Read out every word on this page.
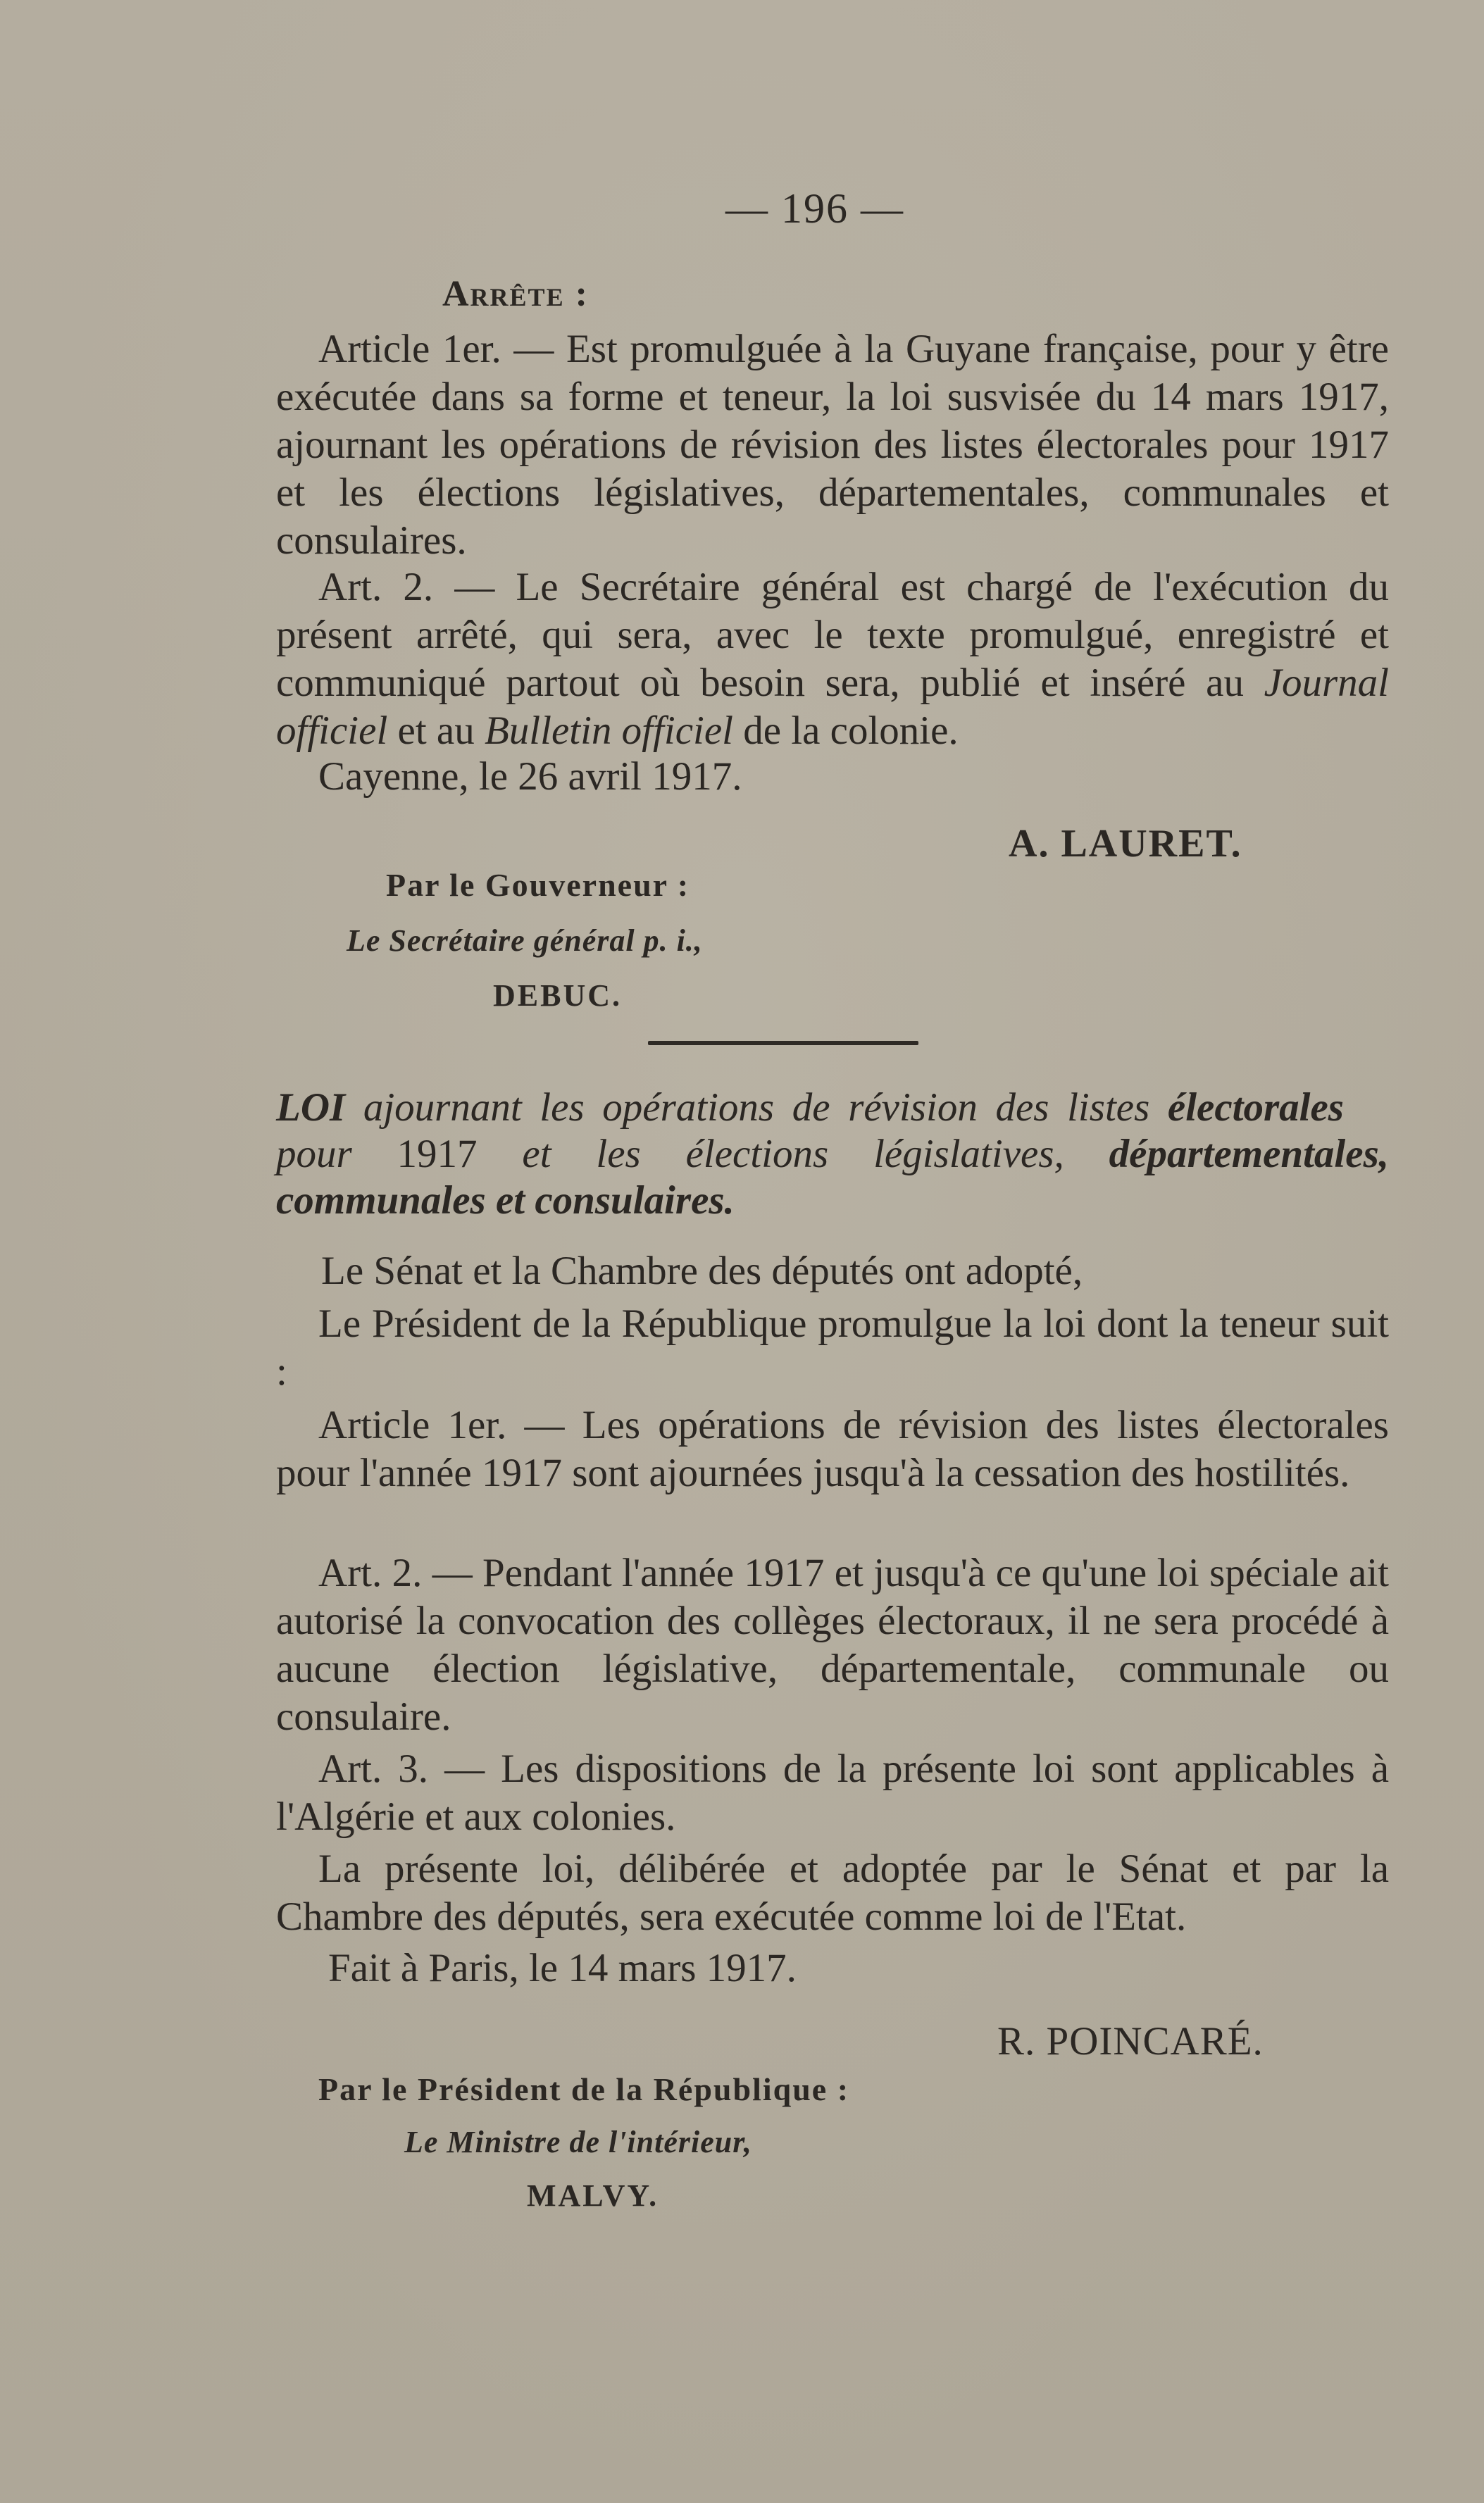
— 196 —
Arrête :

Article 1er. — Est promulguée à la Guyane française, pour y être exécutée dans sa forme et teneur, la loi susvisée du 14 mars 1917, ajournant les opérations de révision des listes électorales pour 1917 et les élections législatives, départementales, communales et consulaires.

Art. 2. — Le Secrétaire général est chargé de l'exécution du présent arrêté, qui sera, avec le texte promulgué, enregistré et communiqué partout où besoin sera, publié et inséré au Journal officiel et au Bulletin officiel de la colonie.

Cayenne, le 26 avril 1917.
A. LAURET.
Par le Gouverneur :
Le Secrétaire général p. i.,
DEBUC.
LOI ajournant les opérations de révision des listes électorales pour 1917 et les élections législatives, départementales, communales et consulaires.
Le Sénat et la Chambre des députés ont adopté,

Le Président de la République promulgue la loi dont la teneur suit :

Article 1er. — Les opérations de révision des listes électorales pour l'année 1917 sont ajournées jusqu'à la cessation des hostilités.

Art. 2. — Pendant l'année 1917 et jusqu'à ce qu'une loi spéciale ait autorisé la convocation des collèges électoraux, il ne sera procédé à aucune élection législative, départementale, communale ou consulaire.

Art. 3. — Les dispositions de la présente loi sont applicables à l'Algérie et aux colonies.

La présente loi, délibérée et adoptée par le Sénat et par la Chambre des députés, sera exécutée comme loi de l'Etat.

Fait à Paris, le 14 mars 1917.
R. POINCARÉ.
Par le Président de la République :
Le Ministre de l'intérieur,
MALVY.
